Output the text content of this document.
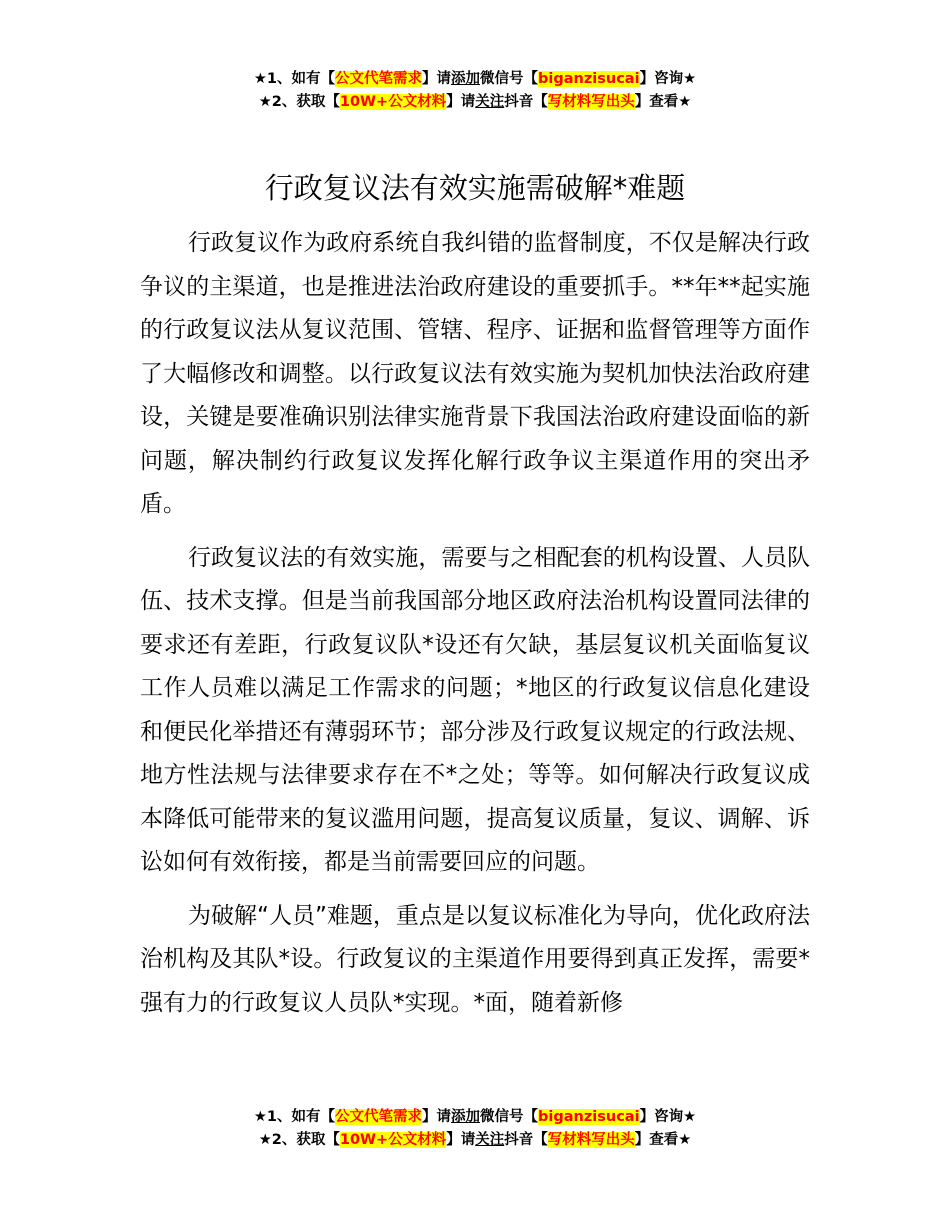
★1、如有【公文代笔需求】请添加微信号【biganzisucai】咨询★
★2、获取【10W+公文材料】请关注抖音【写材料写出头】查看★
行政复议法有效实施需破解*难题

行政复议作为政府系统自我纠错的监督制度，不仅是解决行政争议的主渠道，也是推进法治政府建设的重要抓手。**年**起实施的行政复议法从复议范围、管辖、程序、证据和监督管理等方面作了大幅修改和调整。以行政复议法有效实施为契机加快法治政府建设，关键是要准确识别法律实施背景下我国法治政府建设面临的新问题，解决制约行政复议发挥化解行政争议主渠道作用的突出矛盾。

行政复议法的有效实施，需要与之相配套的机构设置、人员队伍、技术支撑。但是当前我国部分地区政府法治机构设置同法律的要求还有差距，行政复议队*设还有欠缺，基层复议机关面临复议工作人员难以满足工作需求的问题；*地区的行政复议信息化建设和便民化举措还有薄弱环节；部分涉及行政复议规定的行政法规、地方性法规与法律要求存在不*之处；等等。如何解决行政复议成本降低可能带来的复议滥用问题，提高复议质量，复议、调解、诉讼如何有效衔接，都是当前需要回应的问题。

为破解“人员”难题，重点是以复议标准化为导向，优化政府法治机构及其队*设。行政复议的主渠道作用要得到真正发挥，需要*强有力的行政复议人员队*实现。*面，随着新修

★1、如有【公文代笔需求】请添加微信号【biganzisucai】咨询★
★2、获取【10W+公文材料】请关注抖音【写材料写出头】查看★
